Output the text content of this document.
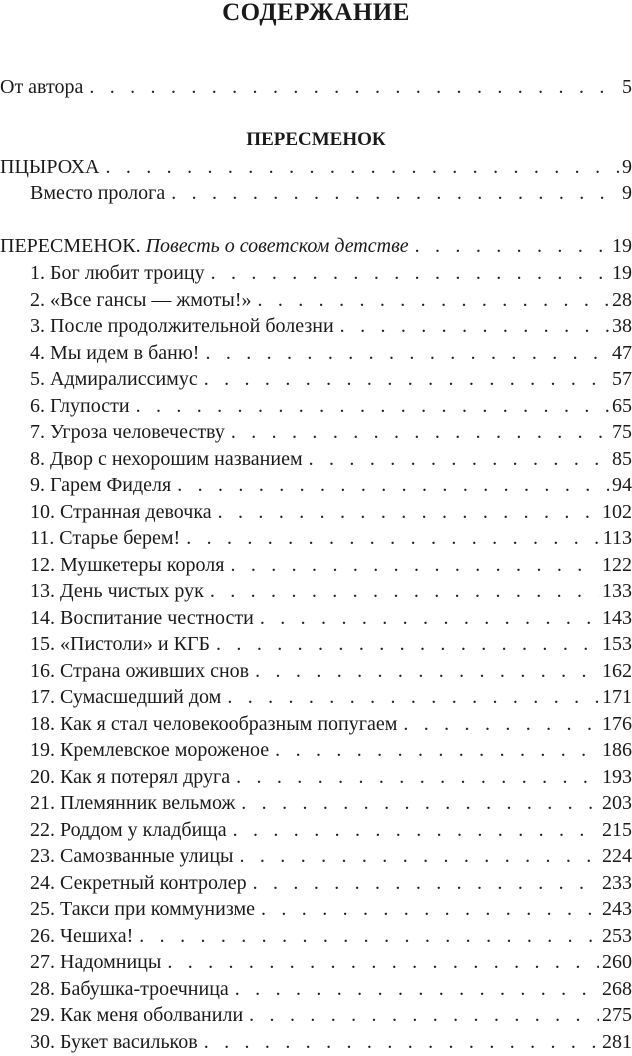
СОДЕРЖАНИЕ
От автора . . .	5
ПЕРЕСМЕНОК
ПЦЫРОХА . . .	9
Вместо пролога . . .	9
ПЕРЕСМЕНОК. Повесть о советском детстве . . .	19
1. Бог любит троицу . . .	19
2. «Все гансы — жмоты!» . . .	28
3. После продолжительной болезни . . .	38
4. Мы идем в баню! . . .	47
5. Адмиралиссимус . . .	57
6. Глупости . . .	65
7. Угроза человечеству . . .	75
8. Двор с нехорошим названием . . .	85
9. Гарем Фиделя . . .	94
10. Странная девочка . . .	102
11. Старье берем! . . .	113
12. Мушкетеры короля . . .	122
13. День чистых рук . . .	133
14. Воспитание честности . . .	143
15. «Пистоли» и КГБ . . .	153
16. Страна оживших снов . . .	162
17. Сумасшедший дом . . .	171
18. Как я стал человекообразным попугаем . . .	176
19. Кремлевское мороженое . . .	186
20. Как я потерял друга . . .	193
21. Племянник вельмож . . .	203
22. Роддом у кладбища . . .	215
23. Самозванные улицы . . .	224
24. Секретный контролер . . .	233
25. Такси при коммунизме . . .	243
26. Чешиха! . . .	253
27. Надомницы . . .	260
28. Бабушка-троечница . . .	268
29. Как меня оболванили . . .	275
30. Букет васильков . . .	281
